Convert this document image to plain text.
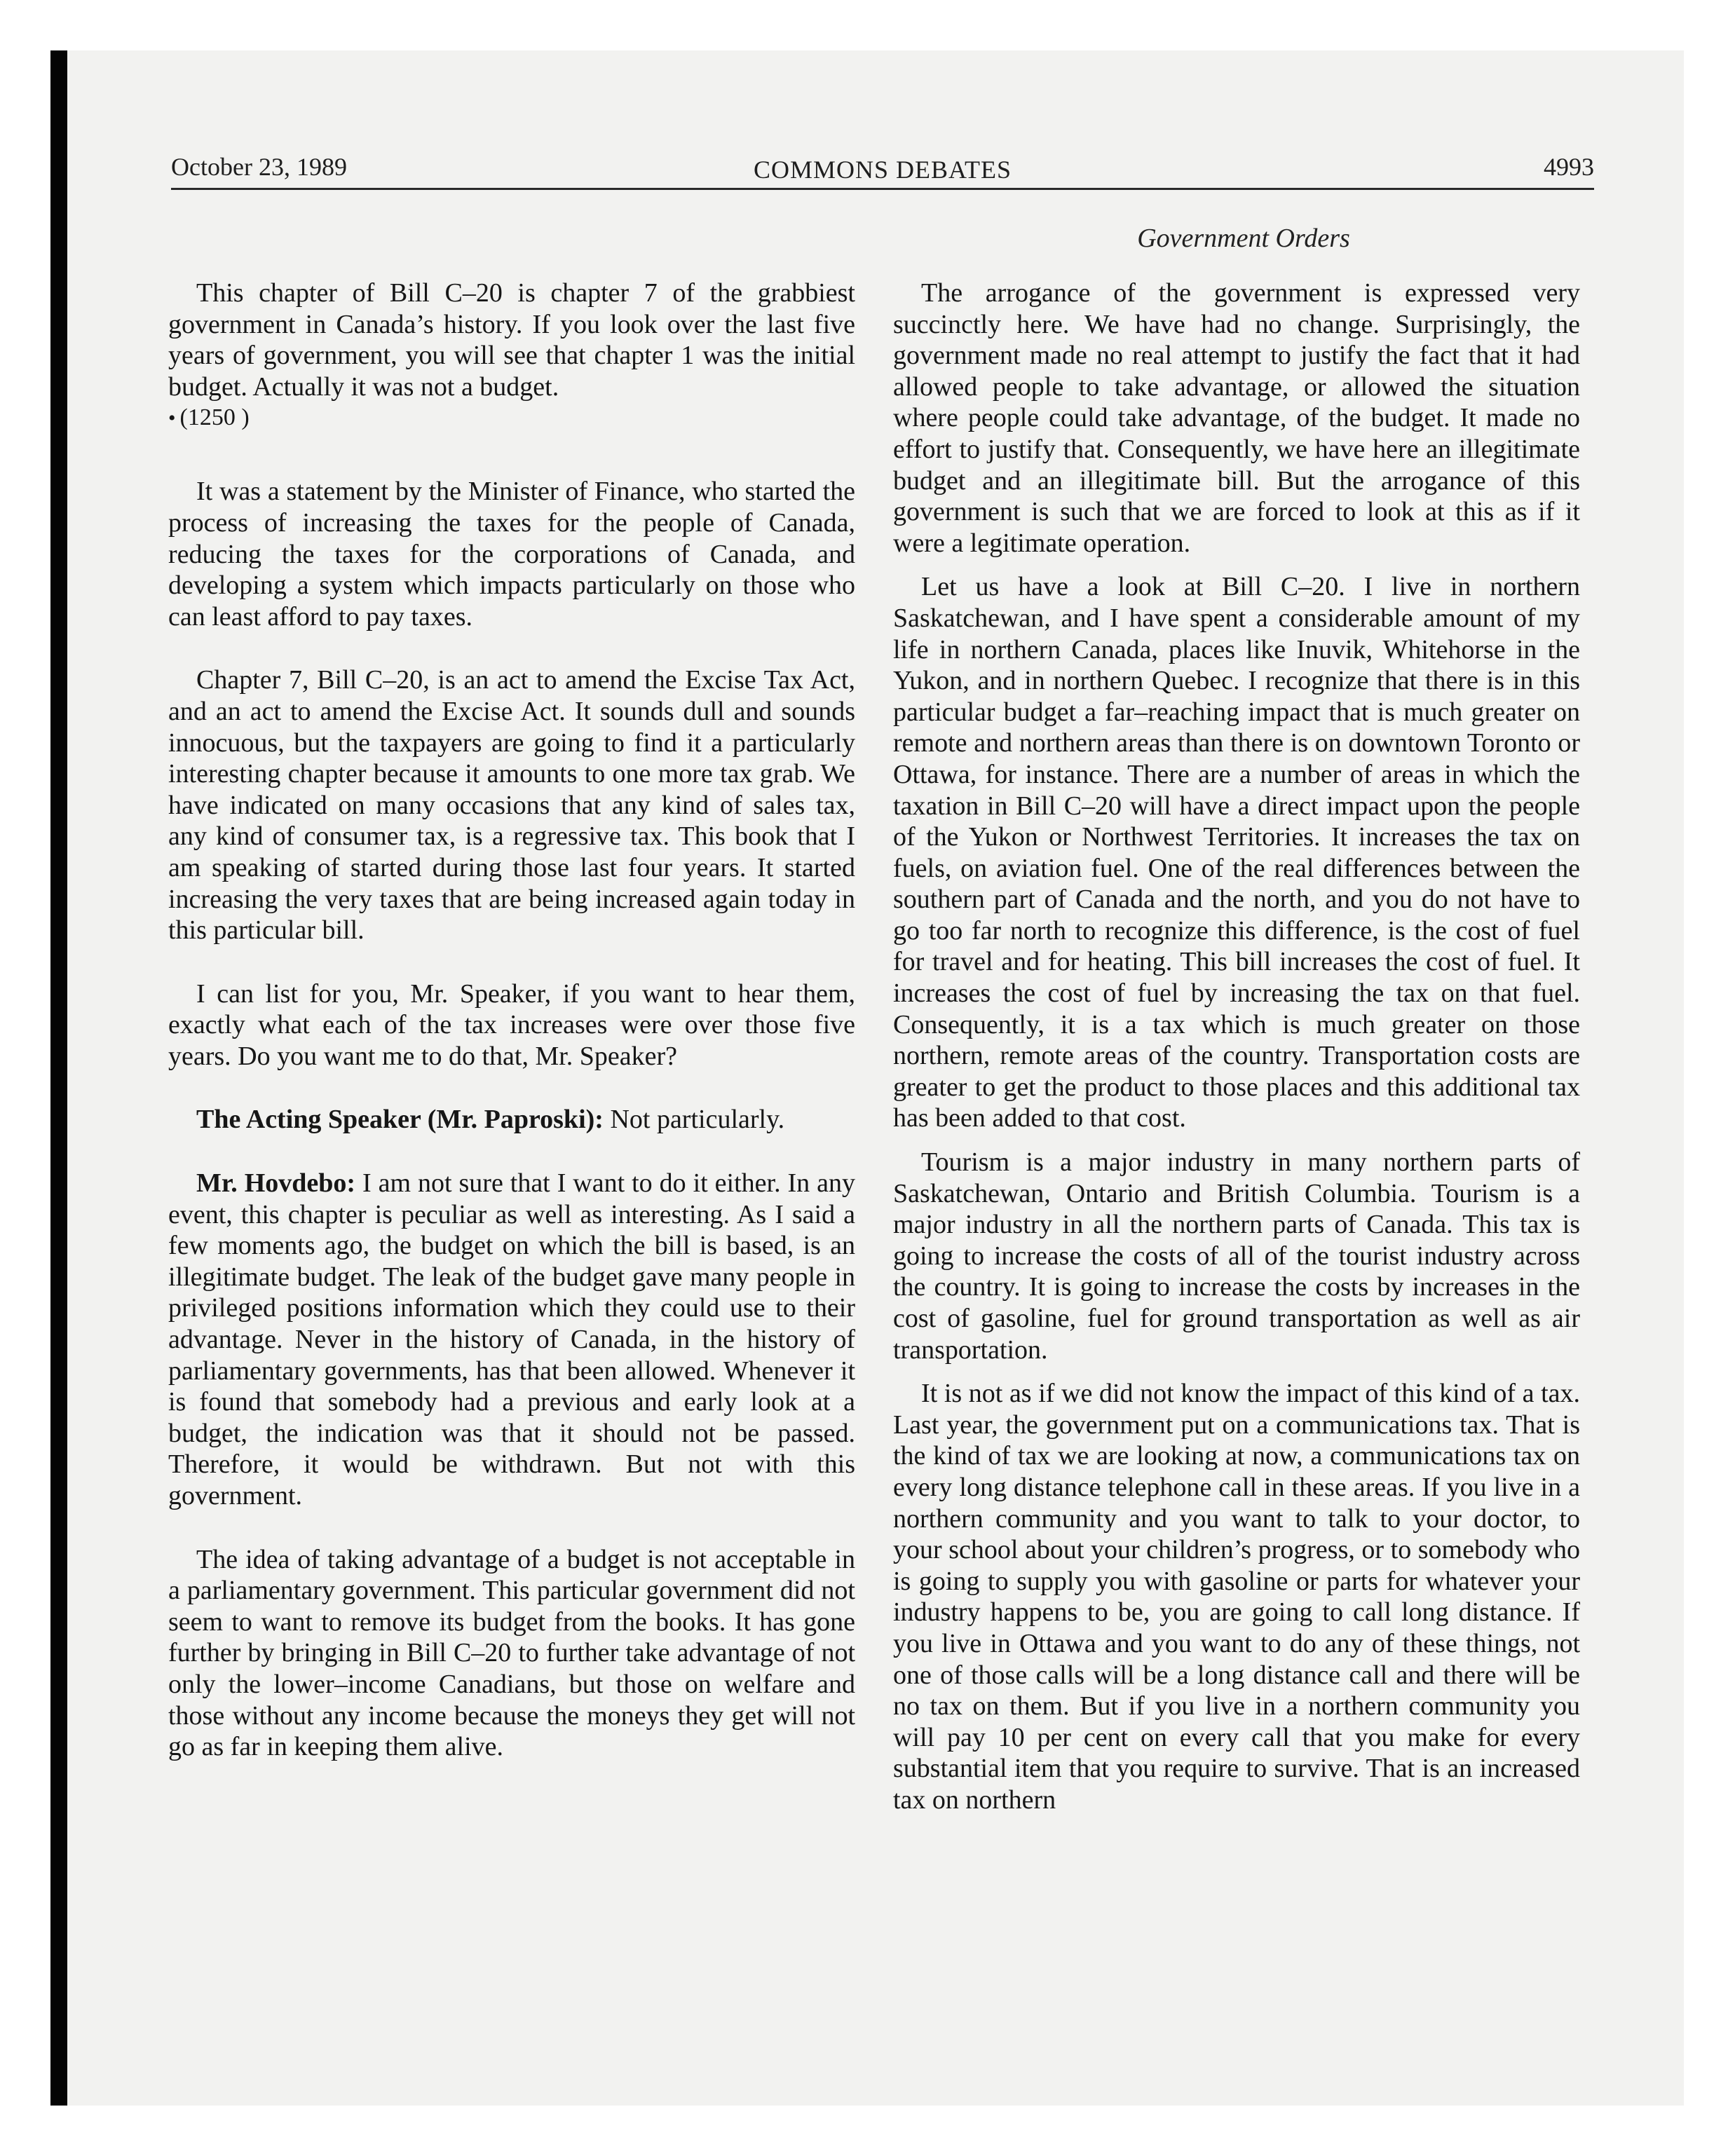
October 23, 1989	COMMONS DEBATES	4993
Government Orders

This chapter of Bill C–20 is chapter 7 of the grabbiest government in Canada’s history. If you look over the last five years of government, you will see that chapter 1 was the initial budget. Actually it was not a budget.

• (1250 )

It was a statement by the Minister of Finance, who started the process of increasing the taxes for the people of Canada, reducing the taxes for the corporations of Canada, and developing a system which impacts particularly on those who can least afford to pay taxes.

Chapter 7, Bill C–20, is an act to amend the Excise Tax Act, and an act to amend the Excise Act. It sounds dull and sounds innocuous, but the taxpayers are going to find it a particularly interesting chapter because it amounts to one more tax grab. We have indicated on many occasions that any kind of sales tax, any kind of consumer tax, is a regressive tax. This book that I am speaking of started during those last four years. It started increasing the very taxes that are being increased again today in this particular bill.

I can list for you, Mr. Speaker, if you want to hear them, exactly what each of the tax increases were over those five years. Do you want me to do that, Mr. Speaker?

The Acting Speaker (Mr. Paproski): Not particularly.

Mr. Hovdebo: I am not sure that I want to do it either. In any event, this chapter is peculiar as well as interesting. As I said a few moments ago, the budget on which the bill is based, is an illegitimate budget. The leak of the budget gave many people in privileged positions information which they could use to their advantage. Never in the history of Canada, in the history of parliamentary governments, has that been allowed. Whenever it is found that somebody had a previous and early look at a budget, the indication was that it should not be passed. Therefore, it would be withdrawn. But not with this government.

The idea of taking advantage of a budget is not acceptable in a parliamentary government. This particular government did not seem to want to remove its budget from the books. It has gone further by bringing in Bill C–20 to further take advantage of not only the lower–income Canadians, but those on welfare and those without any income because the moneys they get will not go as far in keeping them alive.

The arrogance of the government is expressed very succinctly here. We have had no change. Surprisingly, the government made no real attempt to justify the fact that it had allowed people to take advantage, or allowed the situation where people could take advantage, of the budget. It made no effort to justify that. Consequently, we have here an illegitimate budget and an illegitimate bill. But the arrogance of this government is such that we are forced to look at this as if it were a legitimate operation.

Let us have a look at Bill C–20. I live in northern Saskatchewan, and I have spent a considerable amount of my life in northern Canada, places like Inuvik, Whitehorse in the Yukon, and in northern Quebec. I recognize that there is in this particular budget a far–reaching impact that is much greater on remote and northern areas than there is on downtown Toronto or Ottawa, for instance. There are a number of areas in which the taxation in Bill C–20 will have a direct impact upon the people of the Yukon or Northwest Territories. It increases the tax on fuels, on aviation fuel. One of the real differences between the southern part of Canada and the north, and you do not have to go too far north to recognize this difference, is the cost of fuel for travel and for heating. This bill increases the cost of fuel. It increases the cost of fuel by increasing the tax on that fuel. Consequently, it is a tax which is much greater on those northern, remote areas of the country. Transportation costs are greater to get the product to those places and this additional tax has been added to that cost.

Tourism is a major industry in many northern parts of Saskatchewan, Ontario and British Columbia. Tourism is a major industry in all the northern parts of Canada. This tax is going to increase the costs of all of the tourist industry across the country. It is going to increase the costs by increases in the cost of gasoline, fuel for ground transportation as well as air transportation.

It is not as if we did not know the impact of this kind of a tax. Last year, the government put on a communications tax. That is the kind of tax we are looking at now, a communications tax on every long distance telephone call in these areas. If you live in a northern community and you want to talk to your doctor, to your school about your children’s progress, or to somebody who is going to supply you with gasoline or parts for whatever your industry happens to be, you are going to call long distance. If you live in Ottawa and you want to do any of these things, not one of those calls will be a long distance call and there will be no tax on them. But if you live in a northern community you will pay 10 per cent on every call that you make for every substantial item that you require to survive. That is an increased tax on northern
